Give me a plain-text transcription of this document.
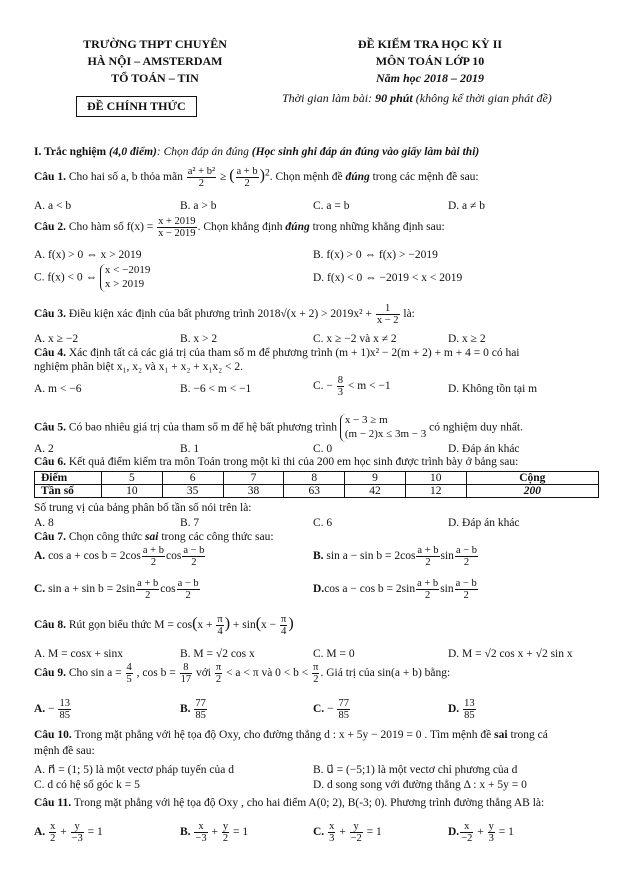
TRƯỜNG THPT CHUYÊN
HÀ NỘI – AMSTERDAM
TỔ TOÁN – TIN
ĐỀ CHÍNH THỨC
ĐỀ KIỂM TRA HỌC KỲ II
MÔN TOÁN LỚP 10
Năm học 2018 – 2019
Thời gian làm bài: 90 phút (không kể thời gian phát đề)
I. Trắc nghiệm (4,0 điểm): Chọn đáp án đúng (Học sinh ghi đáp án đúng vào giấy làm bài thi)
Câu 1. Cho hai số a, b thỏa mãn $\frac{\text{a² + b²}}{2}$ ≥ ( $\frac{a + b}{2} )^2$. Chọn mệnh đề đúng trong các mệnh đề sau:
A. a < b	B. a > b	C. a = b	D. a ≠ b
Câu 2. Cho hàm số $f(x) = \frac{x + 2019}{x - 2019}$ . Chọn khẳng định đúng trong những khẳng định sau:
A. f(x) > 0 ⇔ x > 2019	B. f(x) > 0 ⇔ f(x) > −2019
C. f(x) < 0 ⇔ x < −2019
x > 2019	D. f(x) < 0 ⇔ −2019 < x < 2019
Câu 3. Điều kiện xác định của bất phương trình $2018√(x + 2) > 2019x^2 + \frac{1}{x - 2}$ là:
A. x ≥ −2	B. x > 2	C. x ≥ −2 và x ≠ 2	D. x ≥ 2
Câu 4. Xác định tất cả các giá trị của tham số m để phương trình (m + 1)x² − 2(m + 2) + m + 4 = 0 có hai
nghiệm phân biệt x₁, x₂ và x₁ + x₂ + x₁x₂ < 2.
A. m < −6	B. −6 < m < −1	C. − $\frac{8}{3} < m < -1$	D. Không tồn tại m
Câu 5. Có bao nhiêu giá trị của tham số m để hệ bất phương trình x − 3 ≥ m
(m − 2)x ≤ 3m − 3 có nghiệm duy nhất.
A. 2	B. 1	C. 0	D. Đáp án khác
Câu 6. Kết quả điểm kiểm tra môn Toán trong một kì thi của 200 em học sinh được trình bày ở bảng sau:
Điểm	5	6	7	8	9	10	Cộng
Tần số	10	35	38	63	42	12	200
Số trung vị của bảng phân bố tần số nói trên là:
A. 8	B. 7	C. 6	D. Đáp án khác
Câu 7. Chọn công thức sai trong các công thức sau:
A. $\cos a + \cos b = 2\cos \frac{a + b}{2}$ $\cos \frac{a - b}{2}$	B. $\sin a - \sin b = 2\cos \frac{a + b}{2}$ $\sin \frac{a - b}{2}$
C. $\sin a + \sin b = 2\sin \frac{a + b}{2}$ $\cos \frac{a - b}{2}$	D.cos $a - \cos b = 2\sin \frac{a + b}{2}$ $\sin \frac{a - b}{2}$
Câu 8. Rút gọn biểu thức $M = \cos(x + \frac{\pi}{4}$ ) + $\sin(x - \frac{\pi}{4}$ )
A. M = cosx + sinx	B. M = √2 cos x	C. M = 0	D. M = √2 cos x + √2 sin x
Câu 9. Cho $\sin a = \frac{4}{5}$ , $\cos b = \frac{8}{17}$ với $\frac{\pi}{2} < a < \pi$ và $0 < b < \frac{\pi}{2}$ . Giá trị của sin(a + b) bằng:
A. − $\frac{13}{85}$	B. $\frac{77}{85}$	C. − $\frac{77}{85}$	D. $\frac{13}{85}$
Câu 10. Trong mặt phẳng với hệ tọa độ Oxy, cho đường thẳng d : x + 5y − 2019 = 0 . Tìm mệnh đề sai trong cá
mệnh đề sau:
A. n⃗ = (1; 5) là một vectơ pháp tuyến của d	B. u⃗ = (−5;1) là một vectơ chỉ phương của d
C. d có hệ số góc k = 5	D. d song song với đường thẳng Δ : x + 5y = 0
Câu 11. Trong mặt phẳng với hệ tọa độ Oxy , cho hai điểm A(0; 2), B(-3; 0). Phương trình đường thẳng AB là:
A. $\frac{x}{2} + \frac{y}{-3} = 1$	B. $\frac{x}{-3} + \frac{y}{2} = 1$	C. $\frac{x}{3} + \frac{y}{-2} = 1$	D. $\frac{x}{-2} + \frac{y}{3} = 1$
